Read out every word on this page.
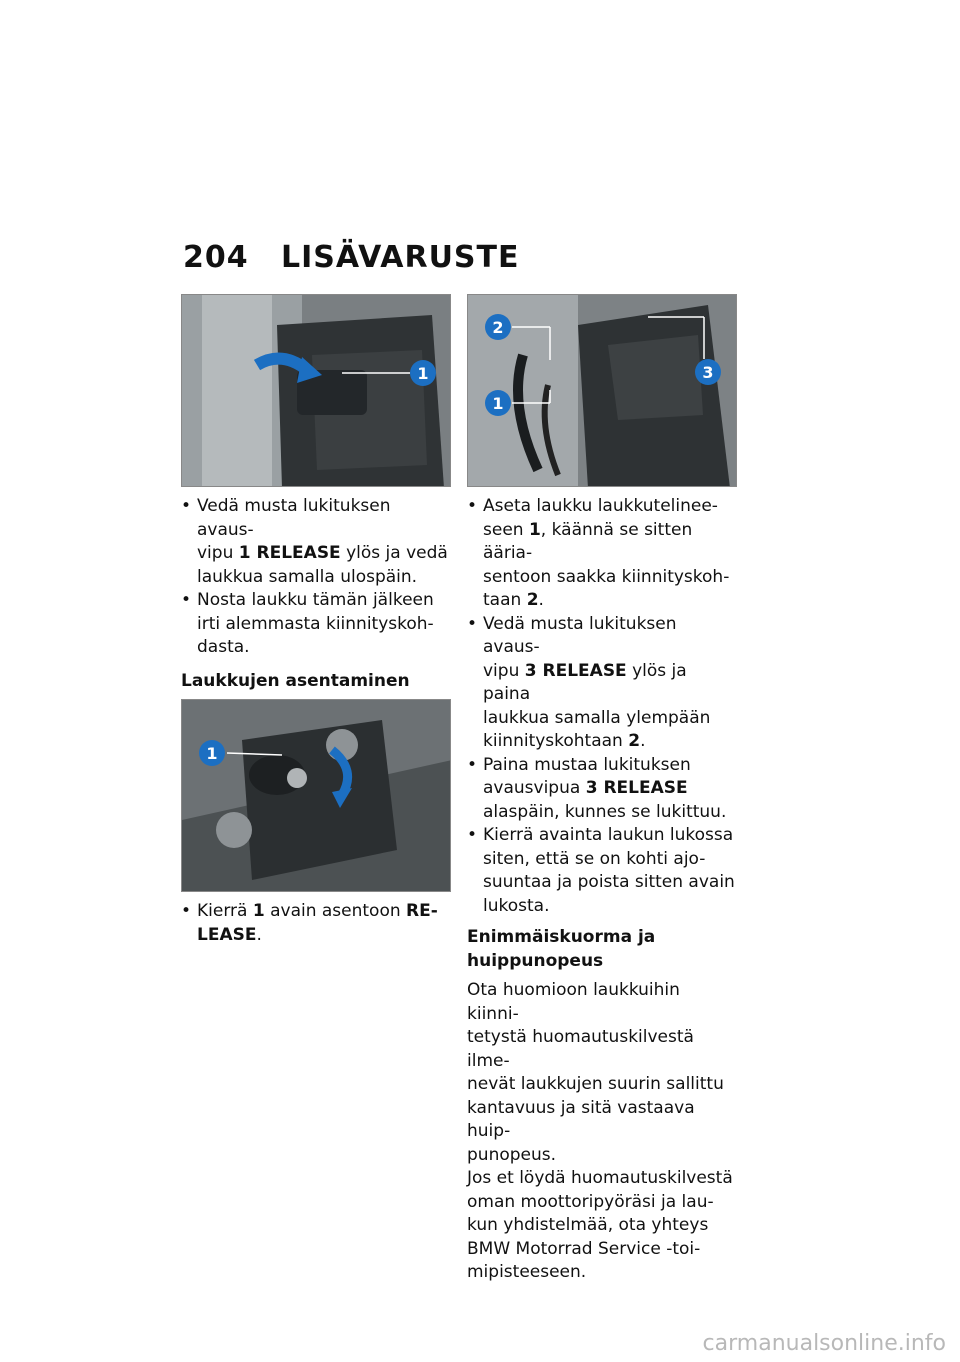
204	LISÄVARUSTE
1
• Vedä musta lukituksen avaus-
vipu 1 RELEASE ylös ja vedä
laukkua samalla ulospäin.
• Nosta laukku tämän jälkeen
irti alemmasta kiinnityskoh-
dasta.
Laukkujen asentaminen
1
• Kierrä 1 avain asentoon RE-
LEASE.
2
1
3
• Aseta laukku laukkutelinee-
seen 1, käännä se sitten ääria-
sentoon saakka kiinnityskoh-
taan 2.
• Vedä musta lukituksen avaus-
vipu 3 RELEASE ylös ja paina
laukkua samalla ylempään
kiinnityskohtaan 2.
• Paina mustaa lukituksen
avausvipua 3 RELEASE
alaspäin, kunnes se lukittuu.
• Kierrä avainta laukun lukossa
siten, että se on kohti ajo-
suuntaa ja poista sitten avain
lukosta.
Enimmäiskuorma ja
huippunopeus
Ota huomioon laukkuihin kiinni-
tetystä huomautuskilvestä ilme-
nevät laukkujen suurin sallittu
kantavuus ja sitä vastaava huip-
punopeus.
Jos et löydä huomautuskilvestä
oman moottoripyöräsi ja lau-
kun yhdistelmää, ota yhteys
BMW Motorrad Service -toi-
mipisteeseen.
carmanualsonline.info
